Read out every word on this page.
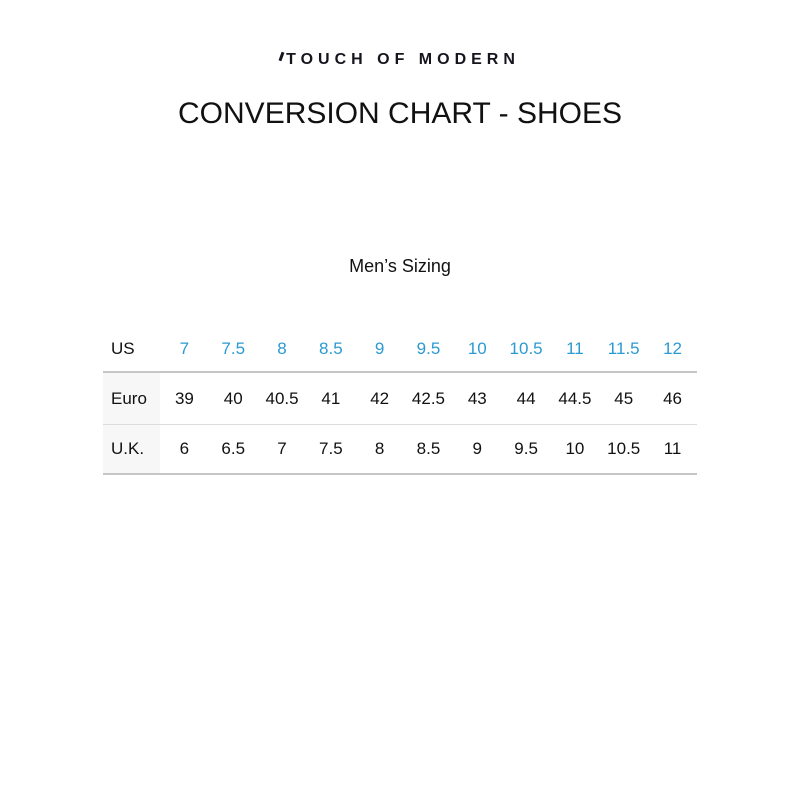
TOUCH OF MODERN
CONVERSION CHART - SHOES
Men’s Sizing
US	7	7.5	8	8.5	9	9.5	10	10.5	11	11.5	12
Euro	39	40	40.5	41	42	42.5	43	44	44.5	45	46
U.K.	6	6.5	7	7.5	8	8.5	9	9.5	10	10.5	11
